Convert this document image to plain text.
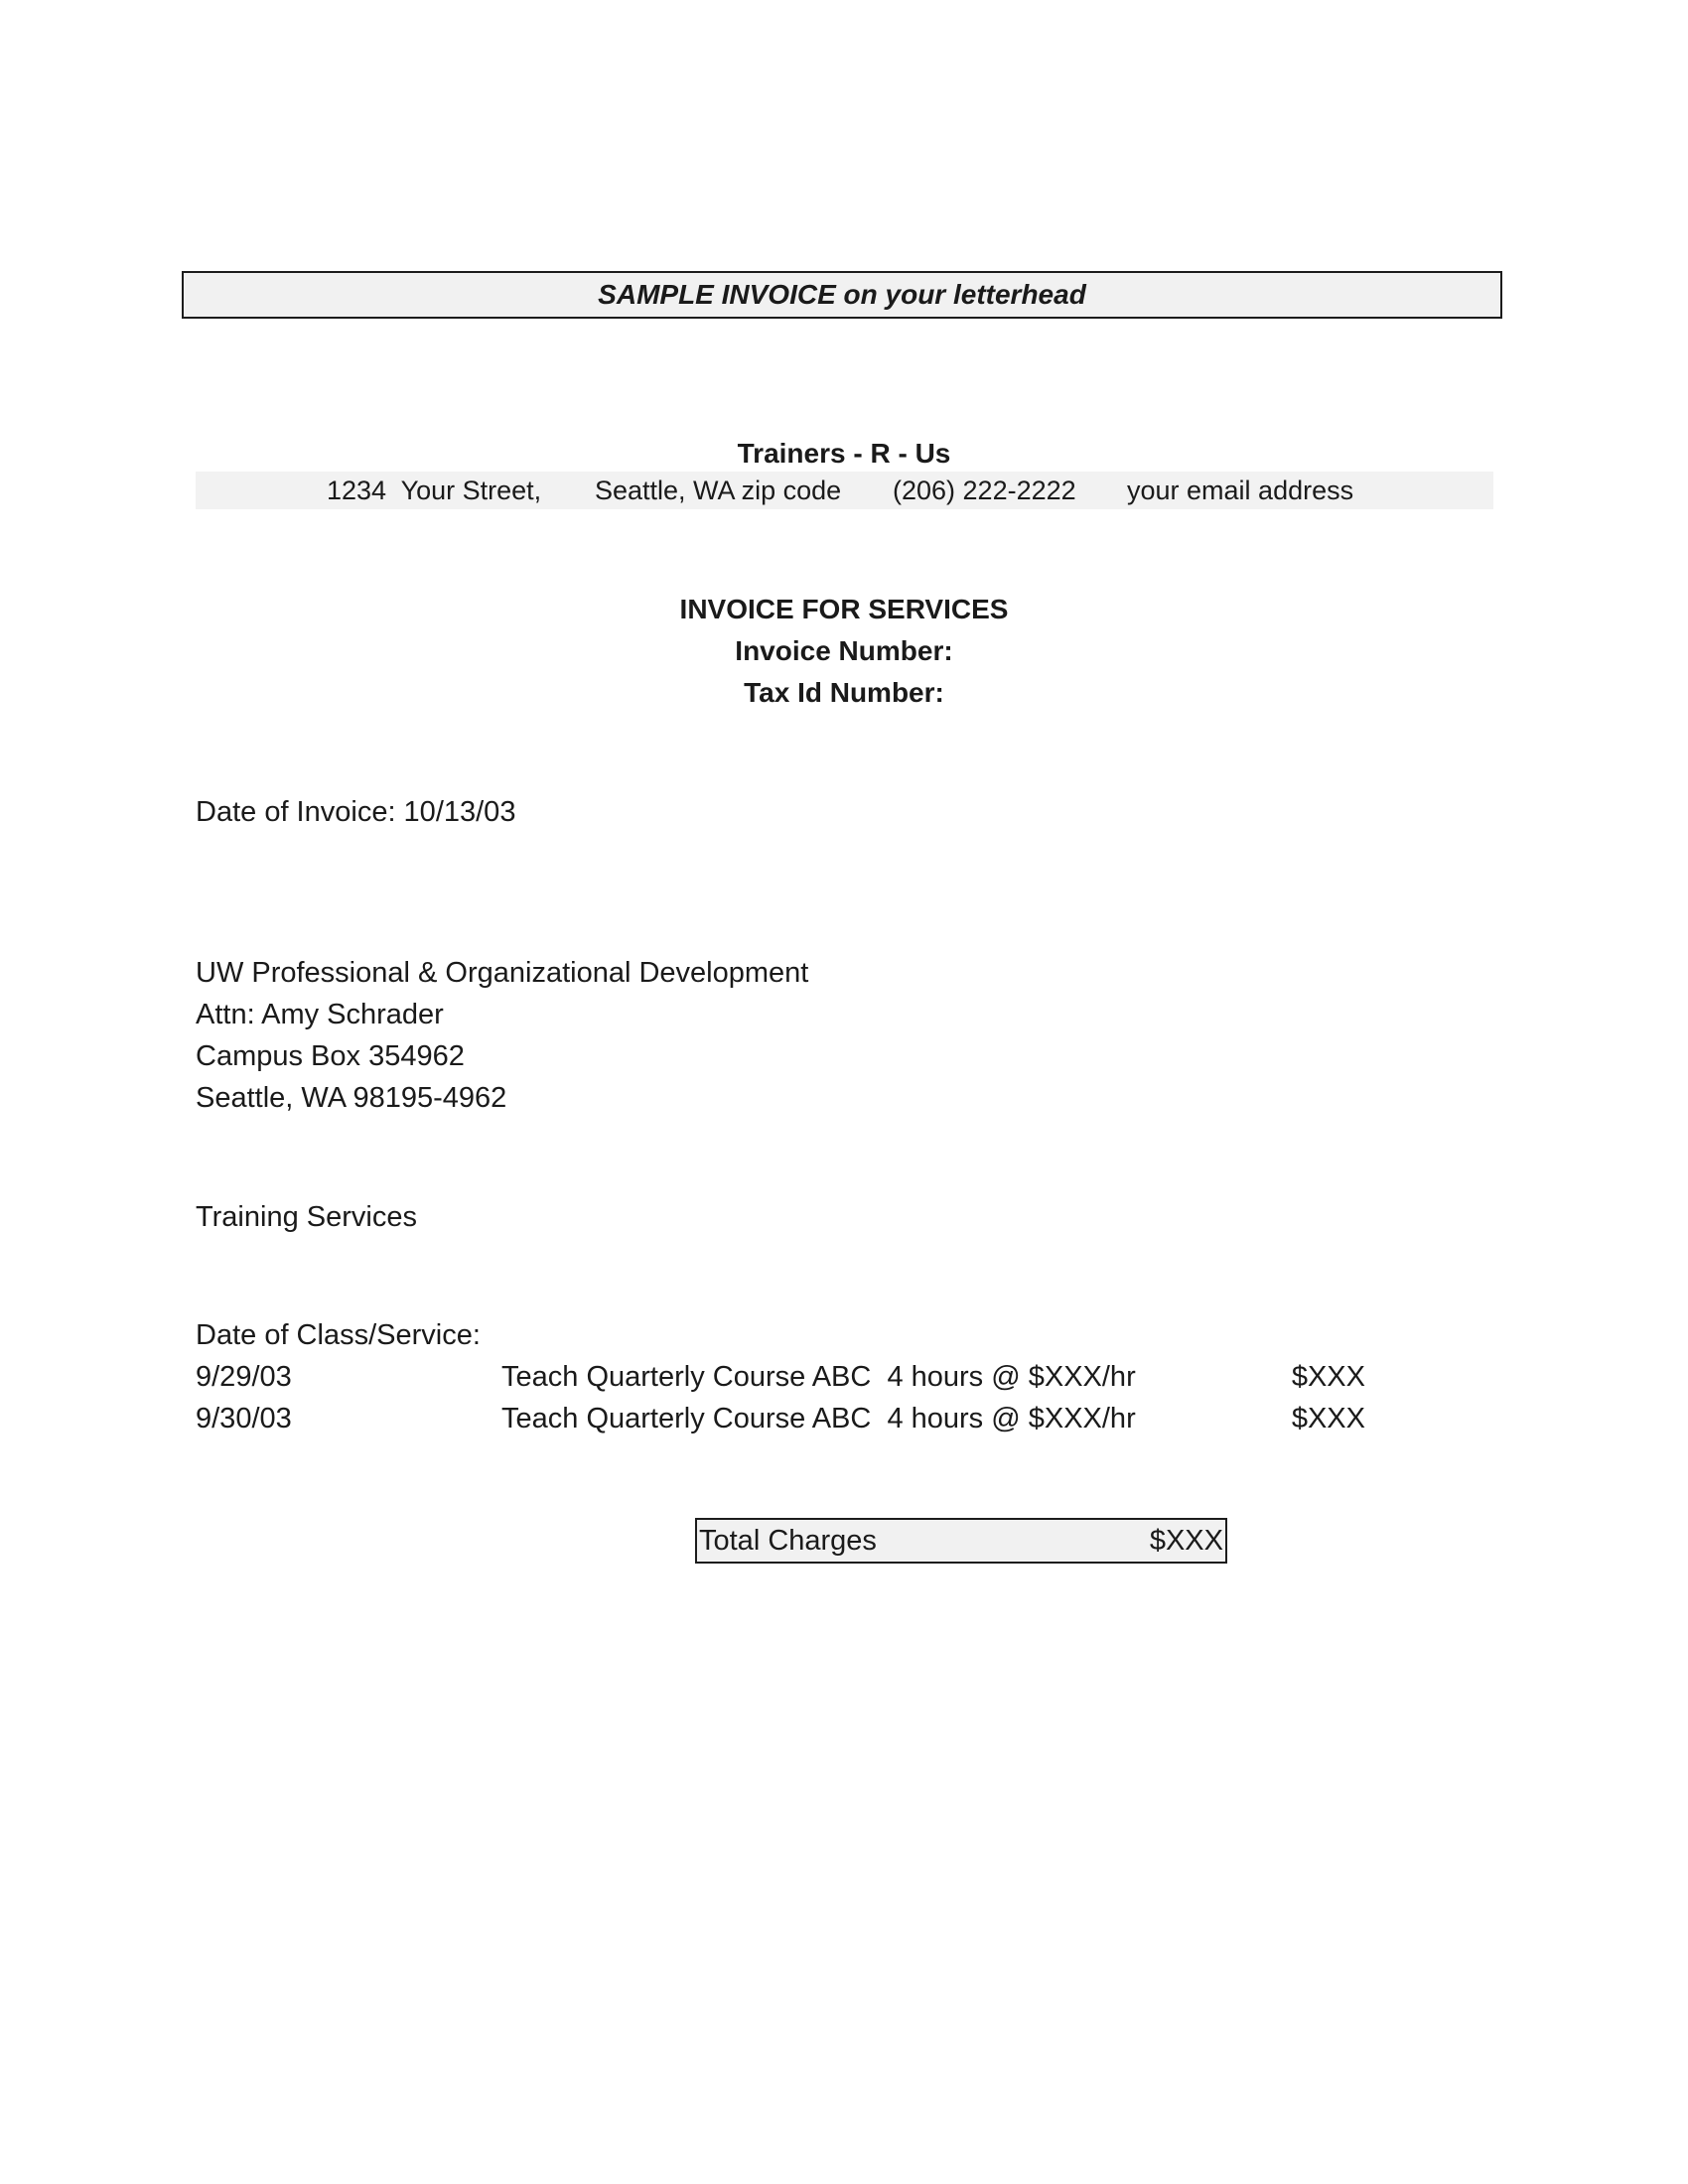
SAMPLE INVOICE on your letterhead
Trainers - R - Us
1234  Your Street, Seattle, WA zip code (206) 222-2222 your email address
INVOICE FOR SERVICES
Invoice Number:
Tax Id Number:
Date of Invoice: 10/13/03
UW Professional & Organizational Development
Attn: Amy Schrader
Campus Box 354962
Seattle, WA 98195-4962
Training Services
Date of Class/Service:
9/29/03	Teach Quarterly Course ABC  4 hours @ $XXX/hr	$XXX
9/30/03	Teach Quarterly Course ABC  4 hours @ $XXX/hr	$XXX
Total Charges	$XXX
